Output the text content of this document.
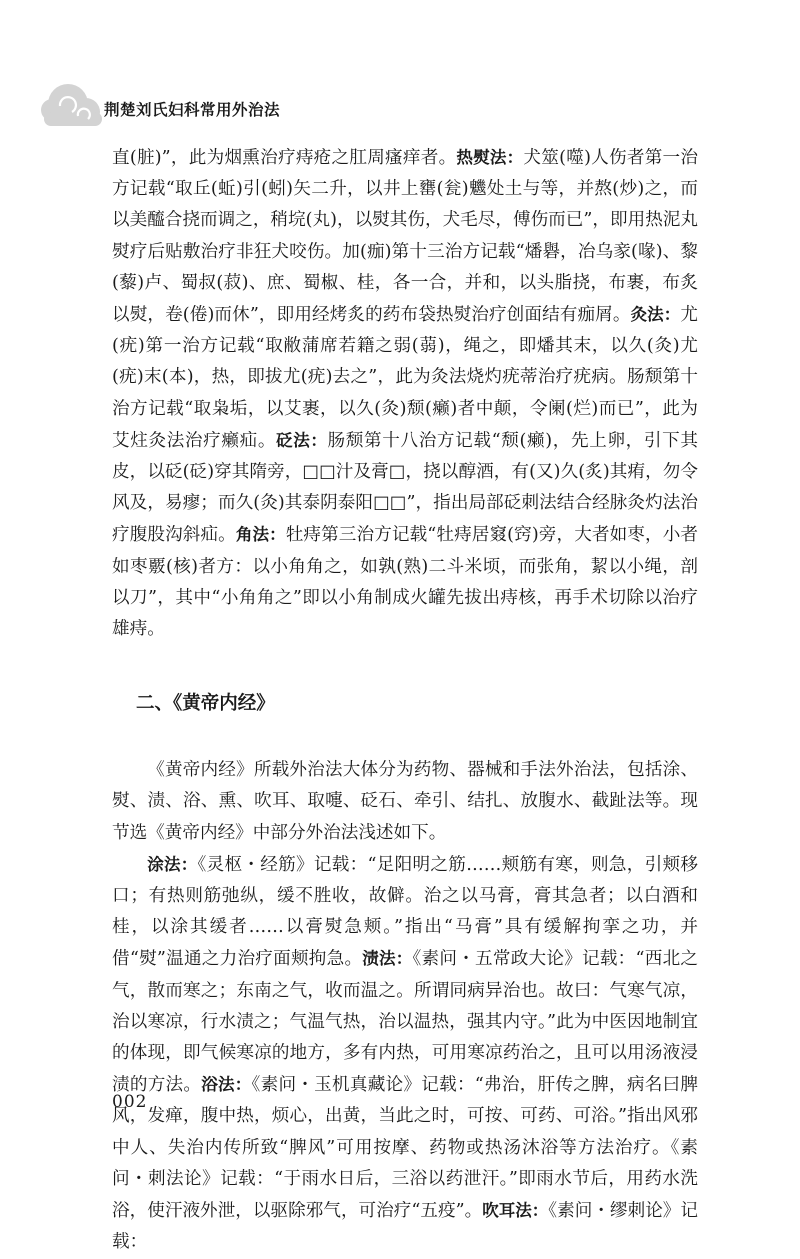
荆楚刘氏妇科常用外治法

直(脏)”，此为烟熏治疗痔疮之肛周瘙痒者。热熨法：犬筮(噬)人伤者第一治方记载“取丘(蚯)引(蚓)矢二升，以井上罋(瓮)魕处土与等，并熬(炒)之，而以美醯合挠而调之，稍垸(丸)，以熨其伤，犬毛尽，傅伤而已”，即用热泥丸熨疗后贴敷治疗非狂犬咬伤。加(痂)第十三治方记载“燔礜，冶乌豙(喙)、黎(藜)卢、蜀叔(菽)、庶、蜀椒、桂，各一合，并和，以头脂挠，布裹，布炙以熨，卷(倦)而休”，即用经烤炙的药布袋热熨治疗创面结有痂屑。灸法：尤(疣)第一治方记载“取敝蒲席若籍之弱(蒻)，绳之，即燔其末，以久(灸)尤(疣)末(本)，热，即拔尤(疣)去之”，此为灸法烧灼疣蒂治疗疣病。肠颓第十治方记载“取枭垢，以艾裹，以久(灸)颓(癞)者中颠，令阑(烂)而已”，此为艾炷灸法治疗癞疝。砭法：肠颓第十八治方记载“颓(癞)，先上卵，引下其皮，以砭(砭)穿其隋旁，□□汁及膏□，挠以醇酒，有(又)久(炙)其痏，勿令风及，易瘳；而久(灸)其泰阴泰阳□□”，指出局部砭刺法结合经脉灸灼法治疗腹股沟斜疝。角法：牡痔第三治方记载“牡痔居窡(窍)旁，大者如枣，小者如枣覈(核)者方：以小角角之，如孰(熟)二斗米顷，而张角，絜以小绳，剖以刀”，其中“小角角之”即以小角制成火罐先拔出痔核，再手术切除以治疗雄痔。

二、《黄帝内经》

《黄帝内经》所载外治法大体分为药物、器械和手法外治法，包括涂、熨、渍、浴、熏、吹耳、取嚏、砭石、牵引、结扎、放腹水、截趾法等。现节选《黄帝内经》中部分外治法浅述如下。

涂法：《灵枢・经筋》记载：“足阳明之筋……颊筋有寒，则急，引颊移口；有热则筋弛纵，缓不胜收，故僻。治之以马膏，膏其急者；以白酒和桂，以涂其缓者……以膏熨急颊。”指出“马膏”具有缓解拘挛之功，并借“熨”温通之力治疗面颊拘急。渍法：《素问・五常政大论》记载：“西北之气，散而寒之；东南之气，收而温之。所谓同病异治也。故曰：气寒气凉，治以寒凉，行水渍之；气温气热，治以温热，强其内守。”此为中医因地制宜的体现，即气候寒凉的地方，多有内热，可用寒凉药治之，且可以用汤液浸渍的方法。浴法：《素问・玉机真藏论》记载：“弗治，肝传之脾，病名曰脾风，发瘅，腹中热，烦心，出黄，当此之时，可按、可药、可浴。”指出风邪中人、失治内传所致“脾风”可用按摩、药物或热汤沐浴等方法治疗。《素问・刺法论》记载：“于雨水日后，三浴以药泄汗。”即雨水节后，用药水洗浴，使汗液外泄，以驱除邪气，可治疗“五疫”。吹耳法：《素问・缪刺论》记载：

002
